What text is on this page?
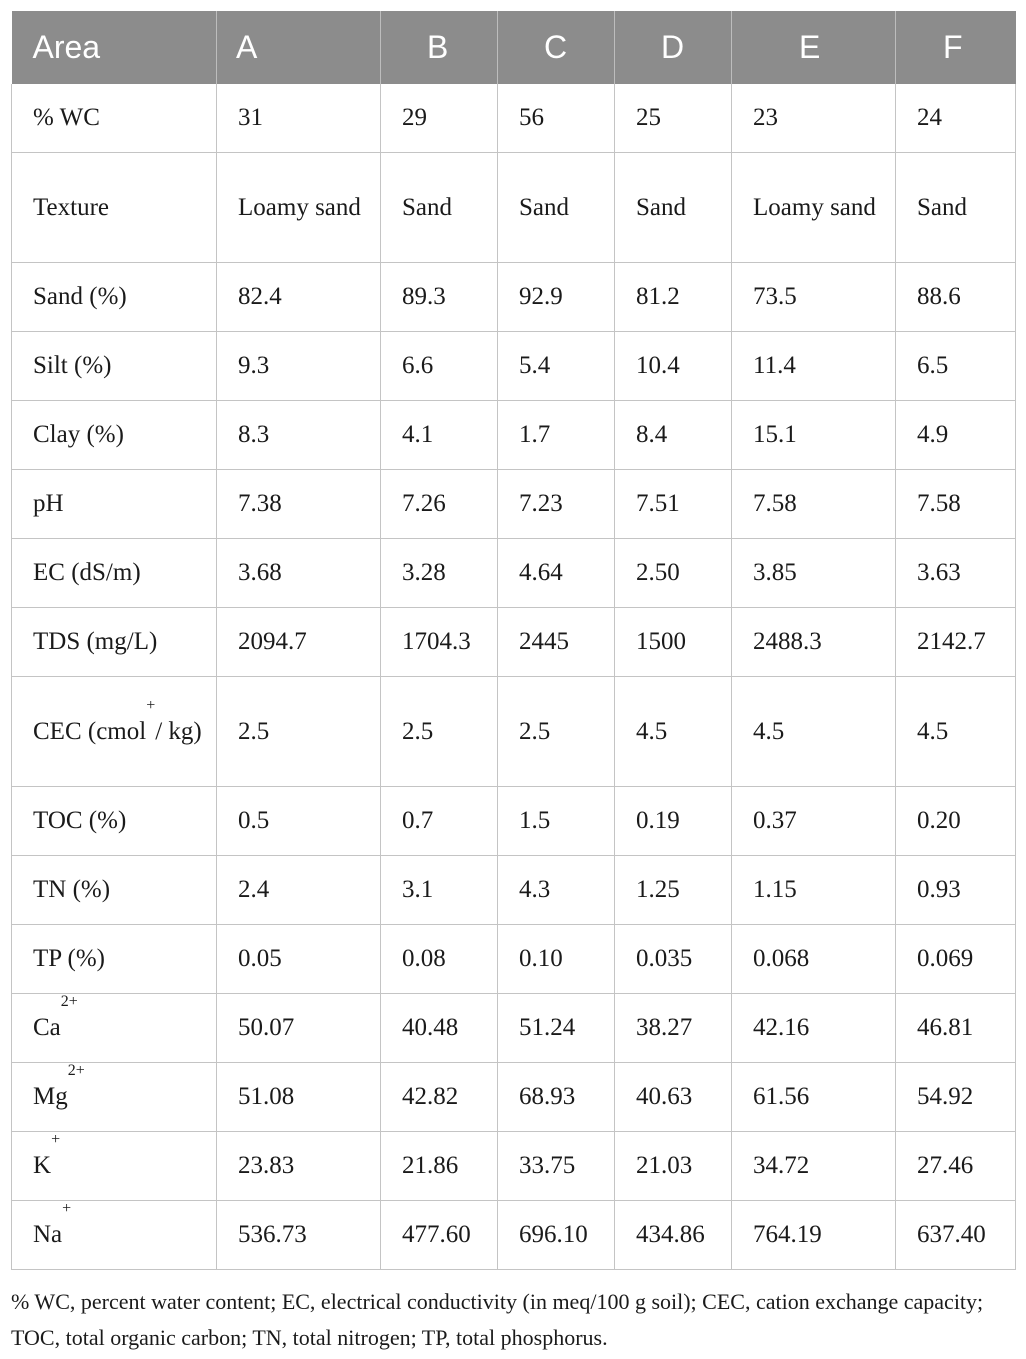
Area	A	B	C	D	E	F
% WC	31	29	56	25	23	24
Texture	Loamy sand	Sand	Sand	Sand	Loamy sand	Sand
Sand (%)	82.4	89.3	92.9	81.2	73.5	88.6
Silt (%)	9.3	6.6	5.4	10.4	11.4	6.5
Clay (%)	8.3	4.1	1.7	8.4	15.1	4.9
pH	7.38	7.26	7.23	7.51	7.58	7.58
EC (dS/m)	3.68	3.28	4.64	2.50	3.85	3.63
TDS (mg/L)	2094.7	1704.3	2445	1500	2488.3	2142.7
CEC (cmol+/ kg)	2.5	2.5	2.5	4.5	4.5	4.5
TOC (%)	0.5	0.7	1.5	0.19	0.37	0.20
TN (%)	2.4	3.1	4.3	1.25	1.15	0.93
TP (%)	0.05	0.08	0.10	0.035	0.068	0.069
$Ca^{2+}$	50.07	40.48	51.24	38.27	42.16	46.81
$Mg^{2+}$	51.08	42.82	68.93	40.63	61.56	54.92
K+	23.83	21.86	33.75	21.03	34.72	27.46
Na+	536.73	477.60	696.10	434.86	764.19	637.40
% WC, percent water content; EC, electrical conductivity (in meq/100 g soil); CEC, cation exchange capacity; TOC, total organic carbon; TN, total nitrogen; TP, total phosphorus.
